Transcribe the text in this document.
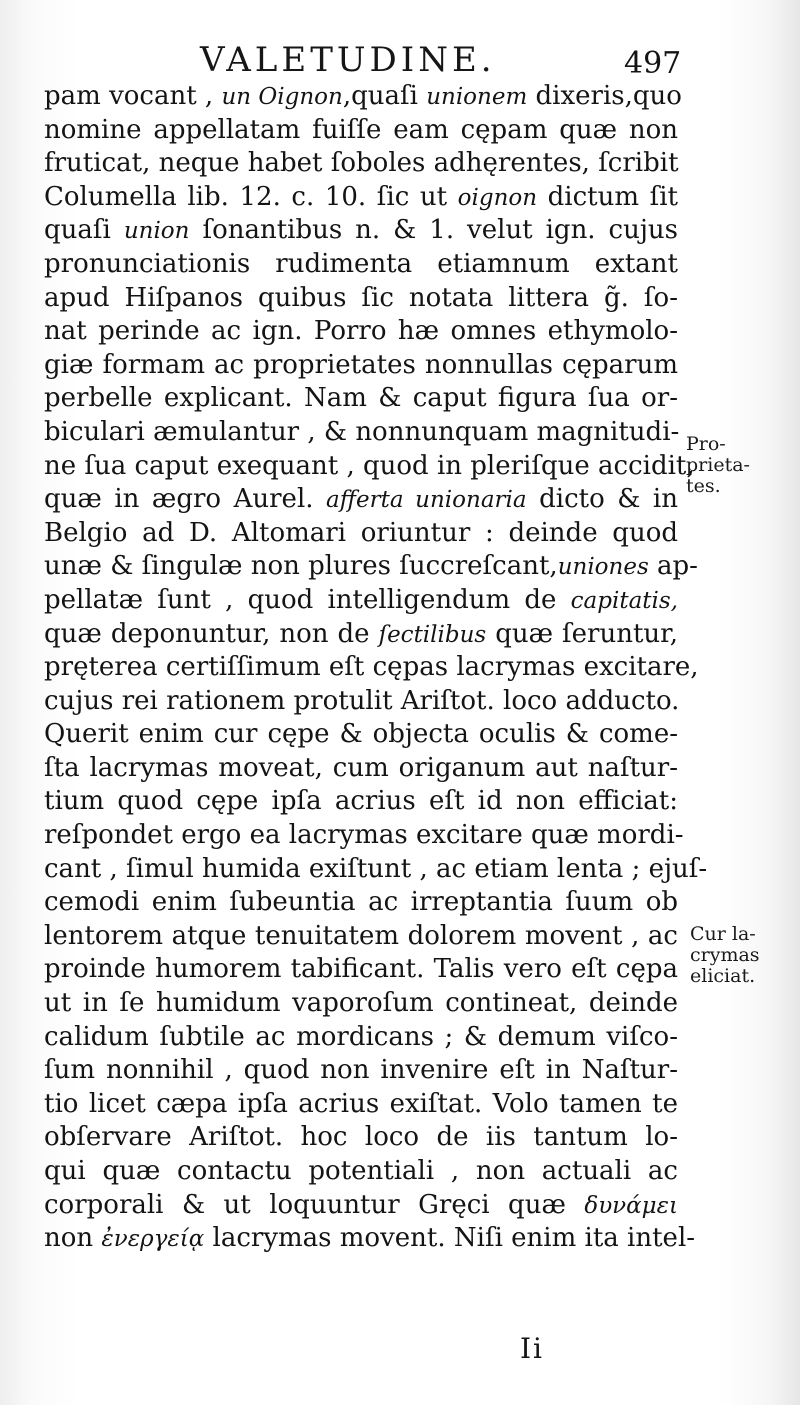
VALETUDINE.	497
pam vocant , un Oignon,quaſi unionem dixeris,quo
nomine appellatam fuiſſe eam cępam quæ non
fruticat, neque habet ſoboles adhęrentes, ſcribit
Columella lib. 12. c. 10. ſic ut oignon dictum ſit
quaſi union ſonantibus n. & 1. velut ign. cujus
pronunciationis rudimenta etiamnum extant
apud Hiſpanos quibus ſic notata littera g̃. ſo-
nat perinde ac ign. Porro hæ omnes ethymolo-
giæ formam ac proprietates nonnullas cęparum
perbelle explicant. Nam & caput figura ſua or-
biculari æmulantur , & nonnunquam magnitudi-
ne ſua caput exequant , quod in pleriſque accidit,
quæ in ægro Aurel. afferta unionaria dicto & in
Belgio ad D. Altomari oriuntur : deinde quod
unæ & ſingulæ non plures ſuccreſcant,uniones ap-
pellatæ ſunt , quod intelligendum de capitatis,
quæ deponuntur, non de ſectilibus quæ ſeruntur,
pręterea certiſſimum eſt cępas lacrymas excitare,
cujus rei rationem protulit Ariſtot. loco adducto.
Querit enim cur cępe & objecta oculis & come-
ſta lacrymas moveat, cum origanum aut naſtur-
tium quod cępe ipſa acrius eſt id non efficiat:
reſpondet ergo ea lacrymas excitare quæ mordi-
cant , ſimul humida exiſtunt , ac etiam lenta ; ejuſ-
cemodi enim ſubeuntia ac irreptantia ſuum ob
lentorem atque tenuitatem dolorem movent , ac
proinde humorem tabificant. Talis vero eſt cępa
ut in ſe humidum vaporoſum contineat, deinde
calidum ſubtile ac mordicans ; & demum viſco-
ſum nonnihil , quod non invenire eſt in Naſtur-
tio licet cæpa ipſa acrius exiſtat. Volo tamen te
obſervare Ariſtot. hoc loco de iis tantum lo-
qui quæ contactu potentiali , non actuali ac
corporali & ut loquuntur Gręci quæ δυνάμει
non ἐνεργείᾳ lacrymas movent. Niſi enim ita intel-
Pro-
prieta-
tes.
Cur la-
crymas
eliciat.
Ii
